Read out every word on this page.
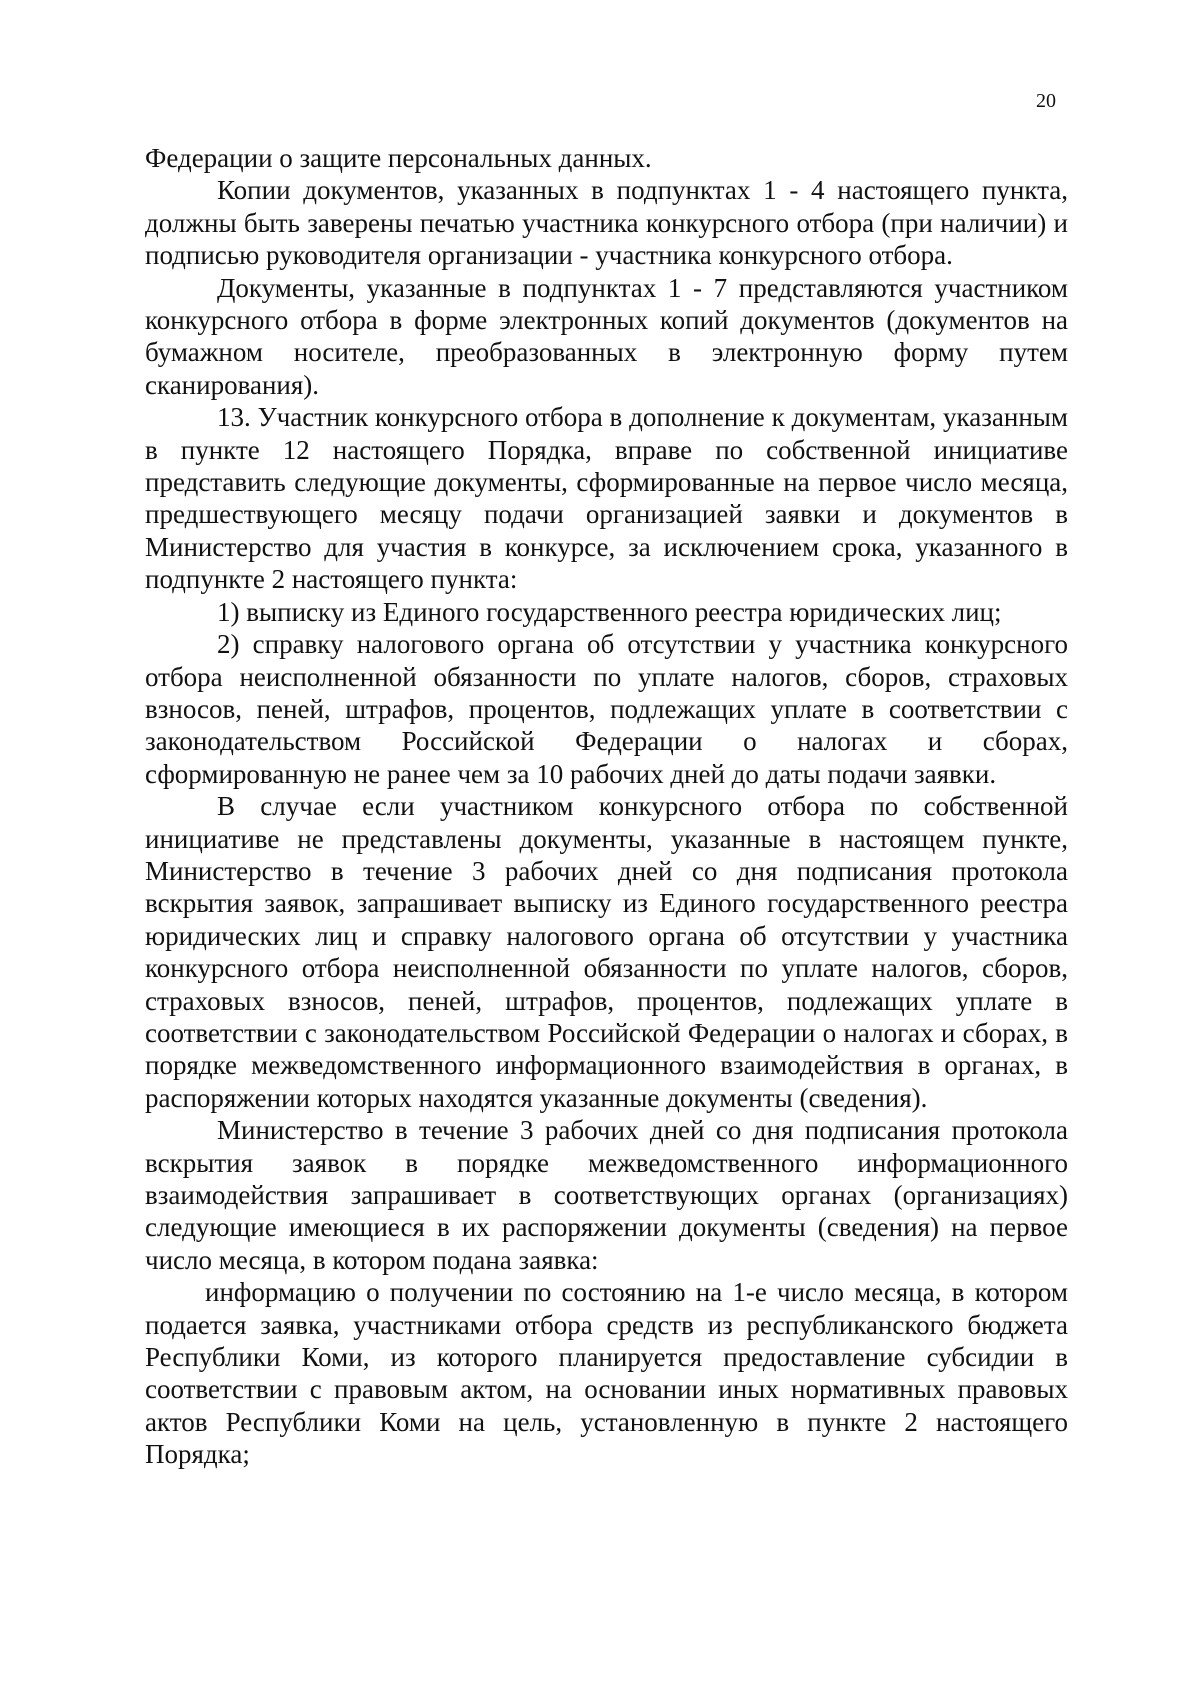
20

Федерации о защите персональных данных.

Копии документов, указанных в подпунктах 1 - 4 настоящего пункта, должны быть заверены печатью участника конкурсного отбора (при наличии) и подписью руководителя организации - участника конкурсного отбора.

Документы, указанные в подпунктах 1 - 7 представляются участником конкурсного отбора в форме электронных копий документов (документов на бумажном носителе, преобразованных в электронную форму путем сканирования).

13. Участник конкурсного отбора в дополнение к документам, указанным в пункте 12 настоящего Порядка, вправе по собственной инициативе представить следующие документы, сформированные на первое число месяца, предшествующего месяцу подачи организацией заявки и документов в Министерство для участия в конкурсе, за исключением срока, указанного в подпункте 2 настоящего пункта:

1) выписку из Единого государственного реестра юридических лиц;

2) справку налогового органа об отсутствии у участника конкурсного отбора неисполненной обязанности по уплате налогов, сборов, страховых взносов, пеней, штрафов, процентов, подлежащих уплате в соответствии с законодательством Российской Федерации о налогах и сборах, сформированную не ранее чем за 10 рабочих дней до даты подачи заявки.

В случае если участником конкурсного отбора по собственной инициативе не представлены документы, указанные в настоящем пункте, Министерство в течение 3 рабочих дней со дня подписания протокола вскрытия заявок, запрашивает выписку из Единого государственного реестра юридических лиц и справку налогового органа об отсутствии у участника конкурсного отбора неисполненной обязанности по уплате налогов, сборов, страховых взносов, пеней, штрафов, процентов, подлежащих уплате в соответствии с законодательством Российской Федерации о налогах и сборах, в порядке межведомственного информационного взаимодействия в органах, в распоряжении которых находятся указанные документы (сведения).

Министерство в течение 3 рабочих дней со дня подписания протокола вскрытия заявок в порядке межведомственного информационного взаимодействия запрашивает в соответствующих органах (организациях) следующие имеющиеся в их распоряжении документы (сведения) на первое число месяца, в котором подана заявка:

информацию о получении по состоянию на 1-е число месяца, в котором подается заявка, участниками отбора средств из республиканского бюджета Республики Коми, из которого планируется предоставление субсидии в соответствии с правовым актом, на основании иных нормативных правовых актов Республики Коми на цель, установленную в пункте 2 настоящего Порядка;
